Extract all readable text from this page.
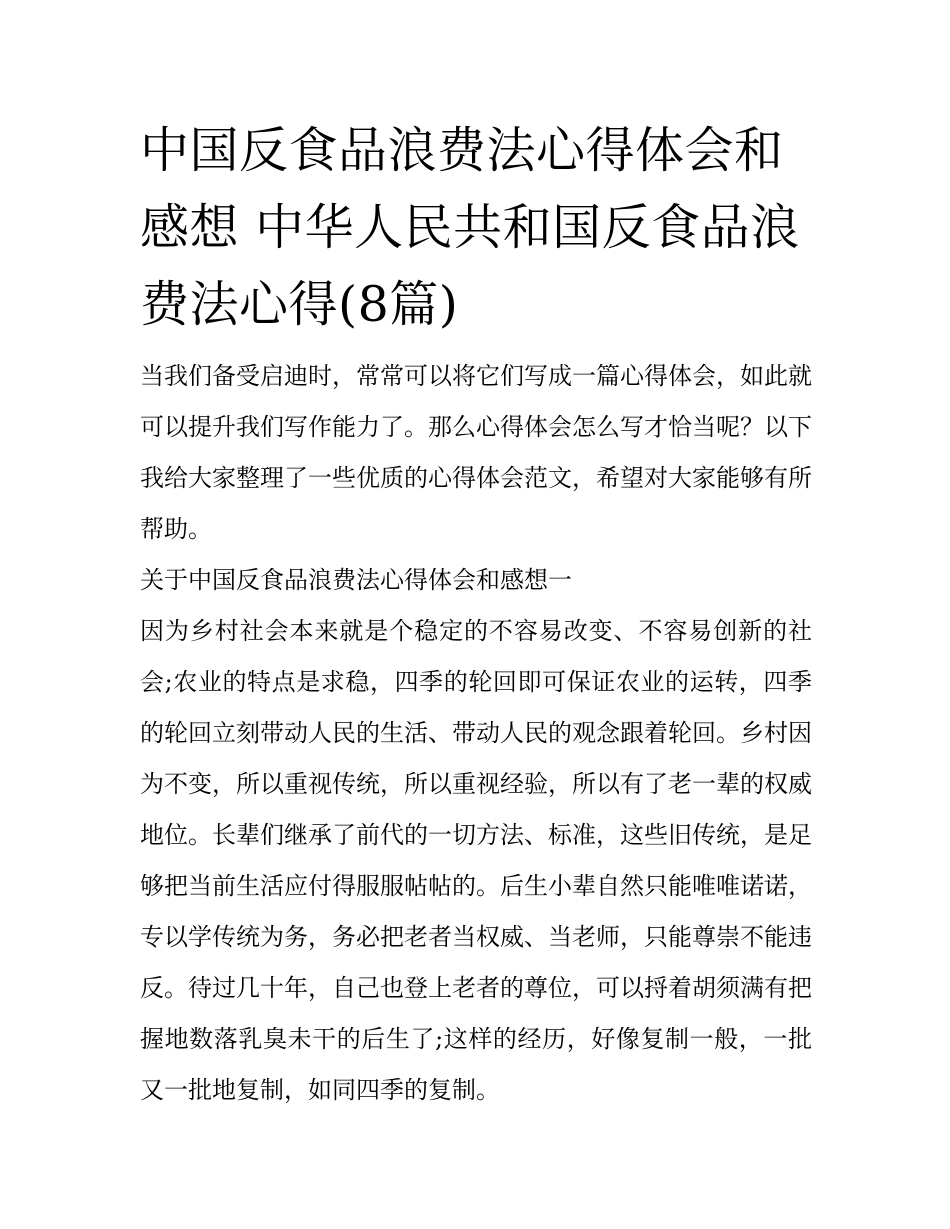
中国反食品浪费法心得体会和感想 中华人民共和国反食品浪费法心得(8篇)

当我们备受启迪时，常常可以将它们写成一篇心得体会，如此就可以提升我们写作能力了。那么心得体会怎么写才恰当呢？以下我给大家整理了一些优质的心得体会范文，希望对大家能够有所帮助。

关于中国反食品浪费法心得体会和感想一

因为乡村社会本来就是个稳定的不容易改变、不容易创新的社会;农业的特点是求稳，四季的轮回即可保证农业的运转，四季的轮回立刻带动人民的生活、带动人民的观念跟着轮回。乡村因为不变，所以重视传统，所以重视经验，所以有了老一辈的权威地位。长辈们继承了前代的一切方法、标准，这些旧传统，是足够把当前生活应付得服服帖帖的。后生小辈自然只能唯唯诺诺，专以学传统为务，务必把老者当权威、当老师，只能尊崇不能违反。待过几十年，自己也登上老者的尊位，可以捋着胡须满有把握地数落乳臭未干的后生了;这样的经历，好像复制一般，一批又一批地复制，如同四季的复制。
